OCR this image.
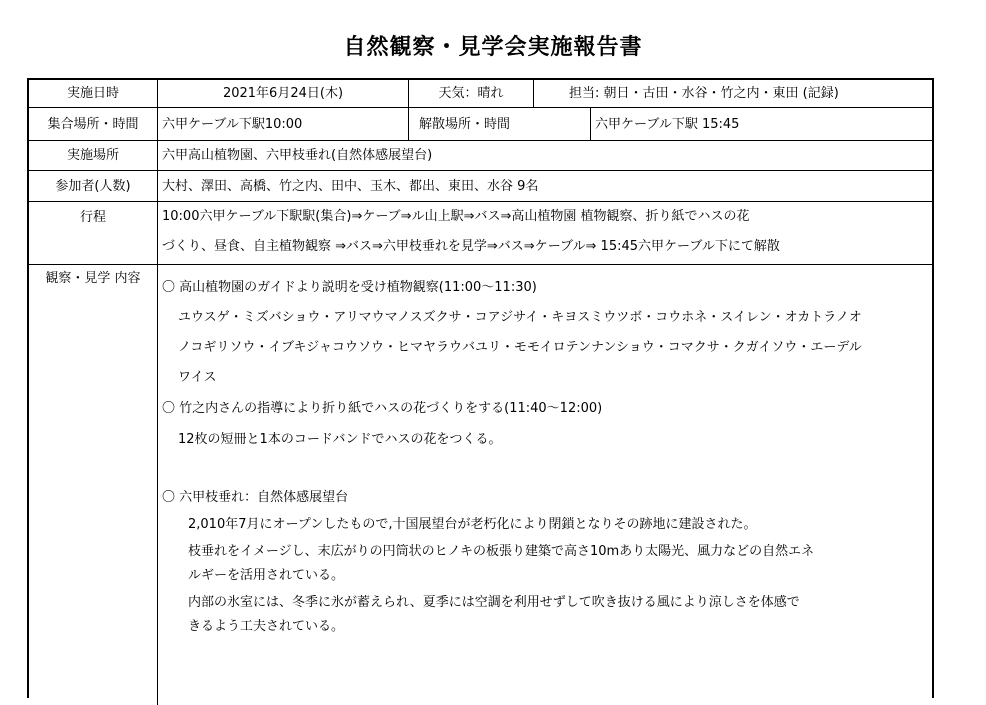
自然観察・見学会実施報告書
実施日時	2021年6月24日(木)	天気：晴れ	担当: 朝日・古田・水谷・竹之内・東田 (記録)
集合場所・時間	六甲ケーブル下駅10:00	解散場所・時間	六甲ケーブル下駅 15:45
実施場所	六甲高山植物園、六甲枝垂れ(自然体感展望台)
参加者(人数)	大村、澤田、高橋、竹之内、田中、玉木、都出、東田、水谷 9名
行程	10:00六甲ケーブル下駅駅(集合)⇒ケーブ⇒ル山上駅⇒バス⇒高山植物園 植物観察、折り紙でハスの花
づくり、昼食、自主植物観察 ⇒バス⇒六甲枝垂れを見学⇒バス⇒ケーブル⇒ 15:45六甲ケーブル下にて解散
観察・見学 内容
〇 高山植物園のガイドより説明を受け植物観察(11:00～11:30)
ユウスゲ・ミズバショウ・アリマウマノスズクサ・コアジサイ・キヨスミウツボ・コウホネ・スイレン・オカトラノオ
ノコギリソウ・イブキジャコウソウ・ヒマヤラウバユリ・モモイロテンナンショウ・コマクサ・クガイソウ・エーデル
ワイス
〇 竹之内さんの指導により折り紙でハスの花づくりをする(11:40～12:00)
12枚の短冊と1本のコードバンドでハスの花をつくる。
〇 六甲枝垂れ：自然体感展望台
2,010年7月にオープンしたもので,十国展望台が老朽化により閉鎖となりその跡地に建設された。
枝垂れをイメージし、末広がりの円筒状のヒノキの板張り建築で高さ10mあり太陽光、風力などの自然エネ
ルギーを活用されている。
内部の氷室には、冬季に氷が蓄えられ、夏季には空調を利用せずして吹き抜ける風により涼しさを体感で
きるよう工夫されている。
